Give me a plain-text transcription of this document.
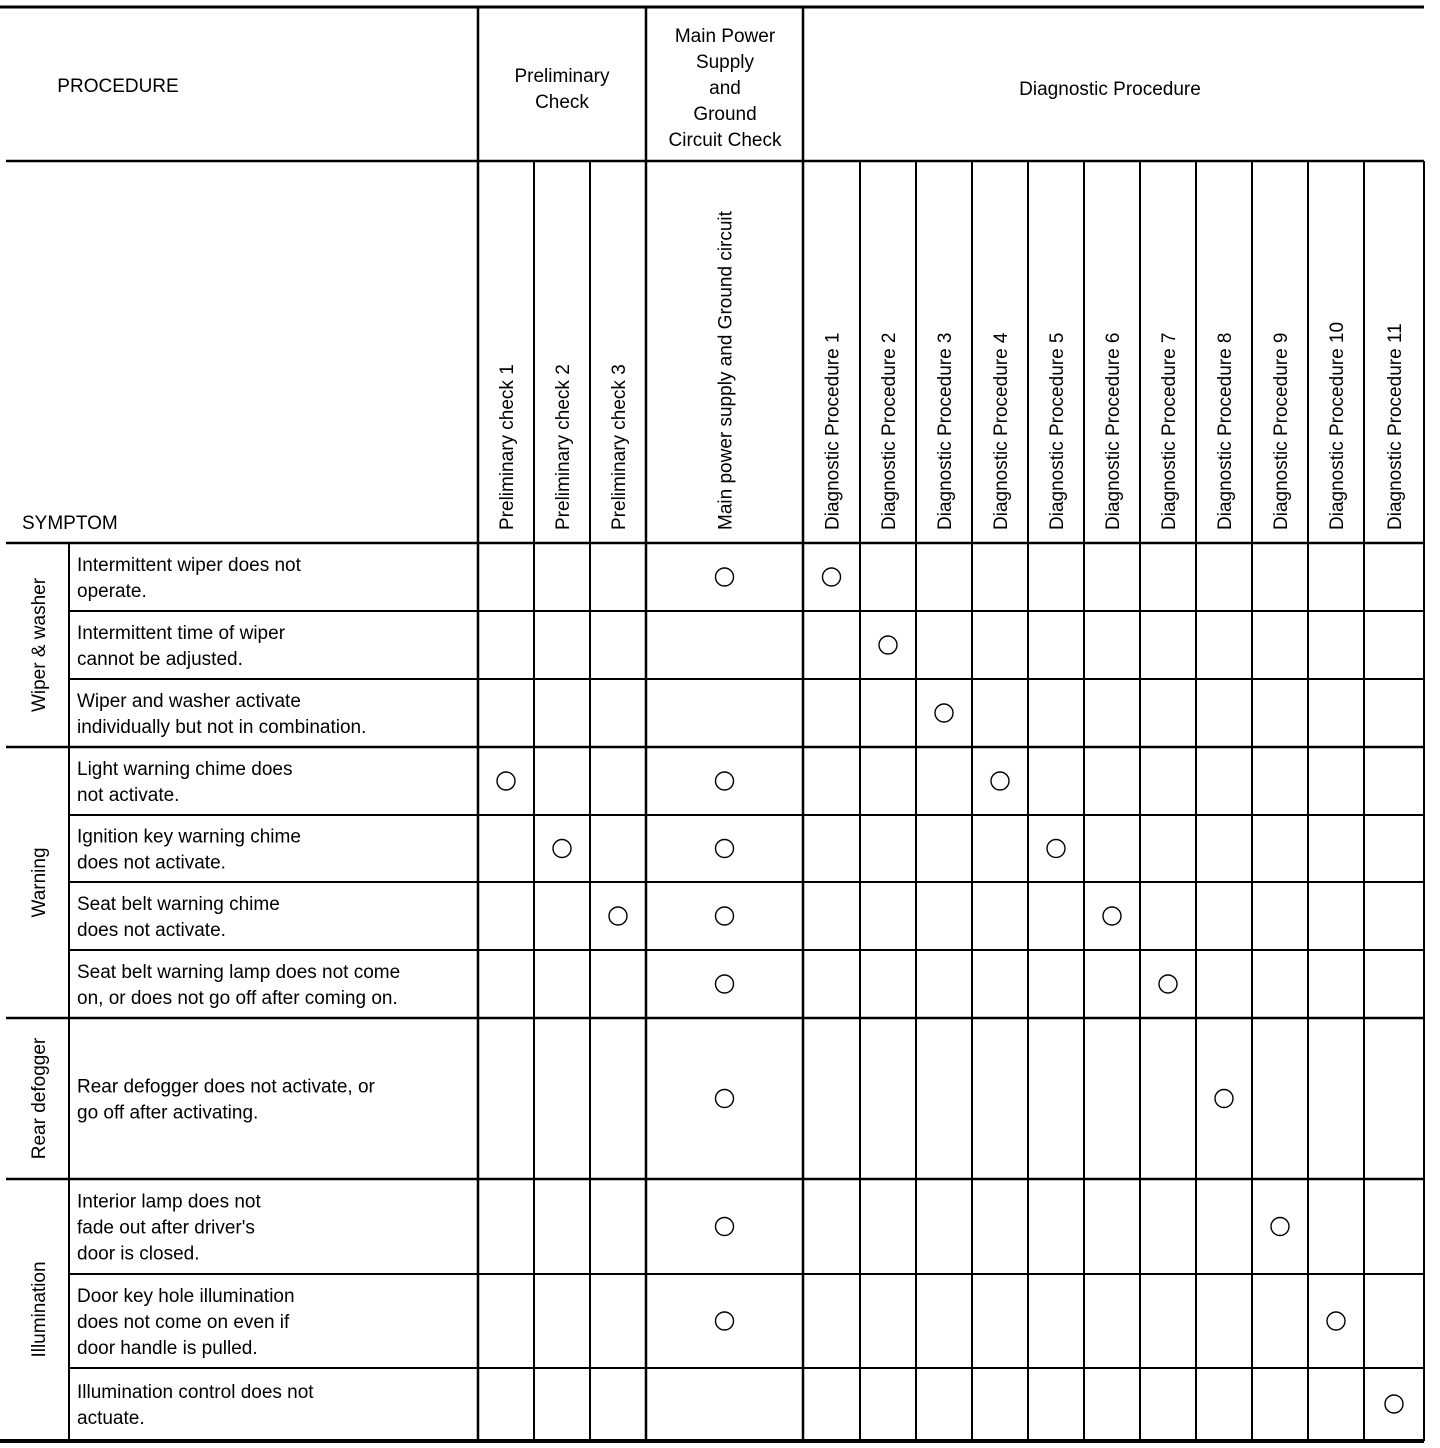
PROCEDURE
SYMPTOM
Preliminary
Check
Main Power
Supply
and
Ground
Circuit Check
Diagnostic Procedure
Preliminary check 1 Preliminary check 2 Preliminary check 3	Main power supply and Ground circuit	Diagnostic Procedure 1 Diagnostic Procedure 2 Diagnostic Procedure 3 Diagnostic Procedure 4 Diagnostic Procedure 5 Diagnostic Procedure 6 Diagnostic Procedure 7 Diagnostic Procedure 8 Diagnostic Procedure 9 Diagnostic Procedure 10 Diagnostic Procedure 11
Wiper & washer
Warning
Rear defogger
Illumination
Intermittent wiper does not
operate.
Intermittent time of wiper
cannot be adjusted.
Wiper and washer activate
individually but not in combination.
Light warning chime does
not activate.
Ignition key warning chime
does not activate.
Seat belt warning chime
does not activate.
Seat belt warning lamp does not come
on, or does not go off after coming on.
Rear defogger does not activate, or
go off after activating.
Interior lamp does not
fade out after driver's
door is closed.
Door key hole illumination
does not come on even if
door handle is pulled.
Illumination control does not
actuate.
